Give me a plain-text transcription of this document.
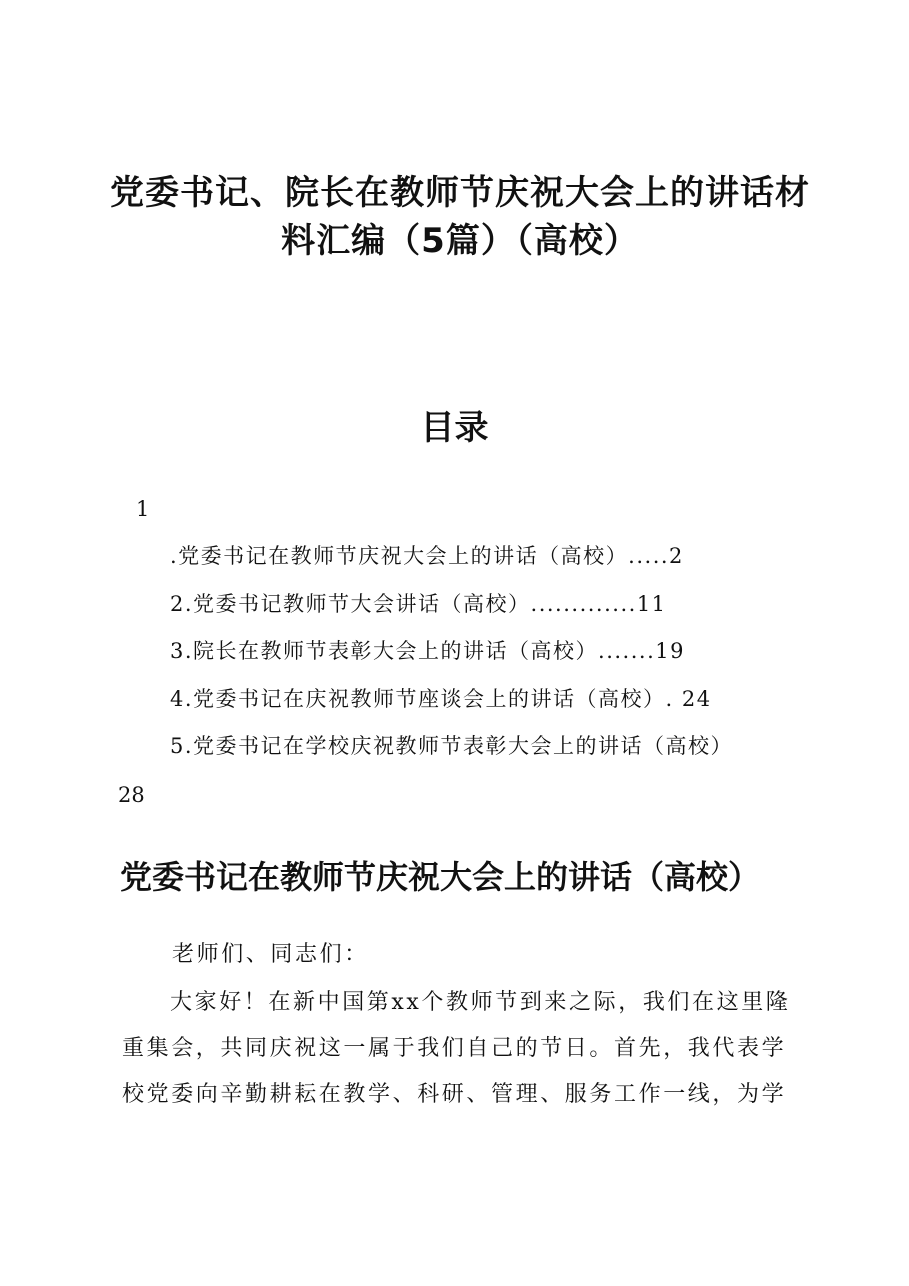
党委书记、院长在教师节庆祝大会上的讲话材
料汇编（5篇）（高校）
目录
1
.党委书记在教师节庆祝大会上的讲话（高校）.....2
2.党委书记教师节大会讲话（高校）.............11
3.院长在教师节表彰大会上的讲话（高校）.......19
4.党委书记在庆祝教师节座谈会上的讲话（高校）. 24
5.党委书记在学校庆祝教师节表彰大会上的讲话（高校）
28
党委书记在教师节庆祝大会上的讲话（高校）

老师们、同志们：

大家好！在新中国第xx个教师节到来之际，我们在这里隆重集会，共同庆祝这一属于我们自己的节日。首先，我代表学校党委向辛勤耕耘在教学、科研、管理、服务工作一线，为学
